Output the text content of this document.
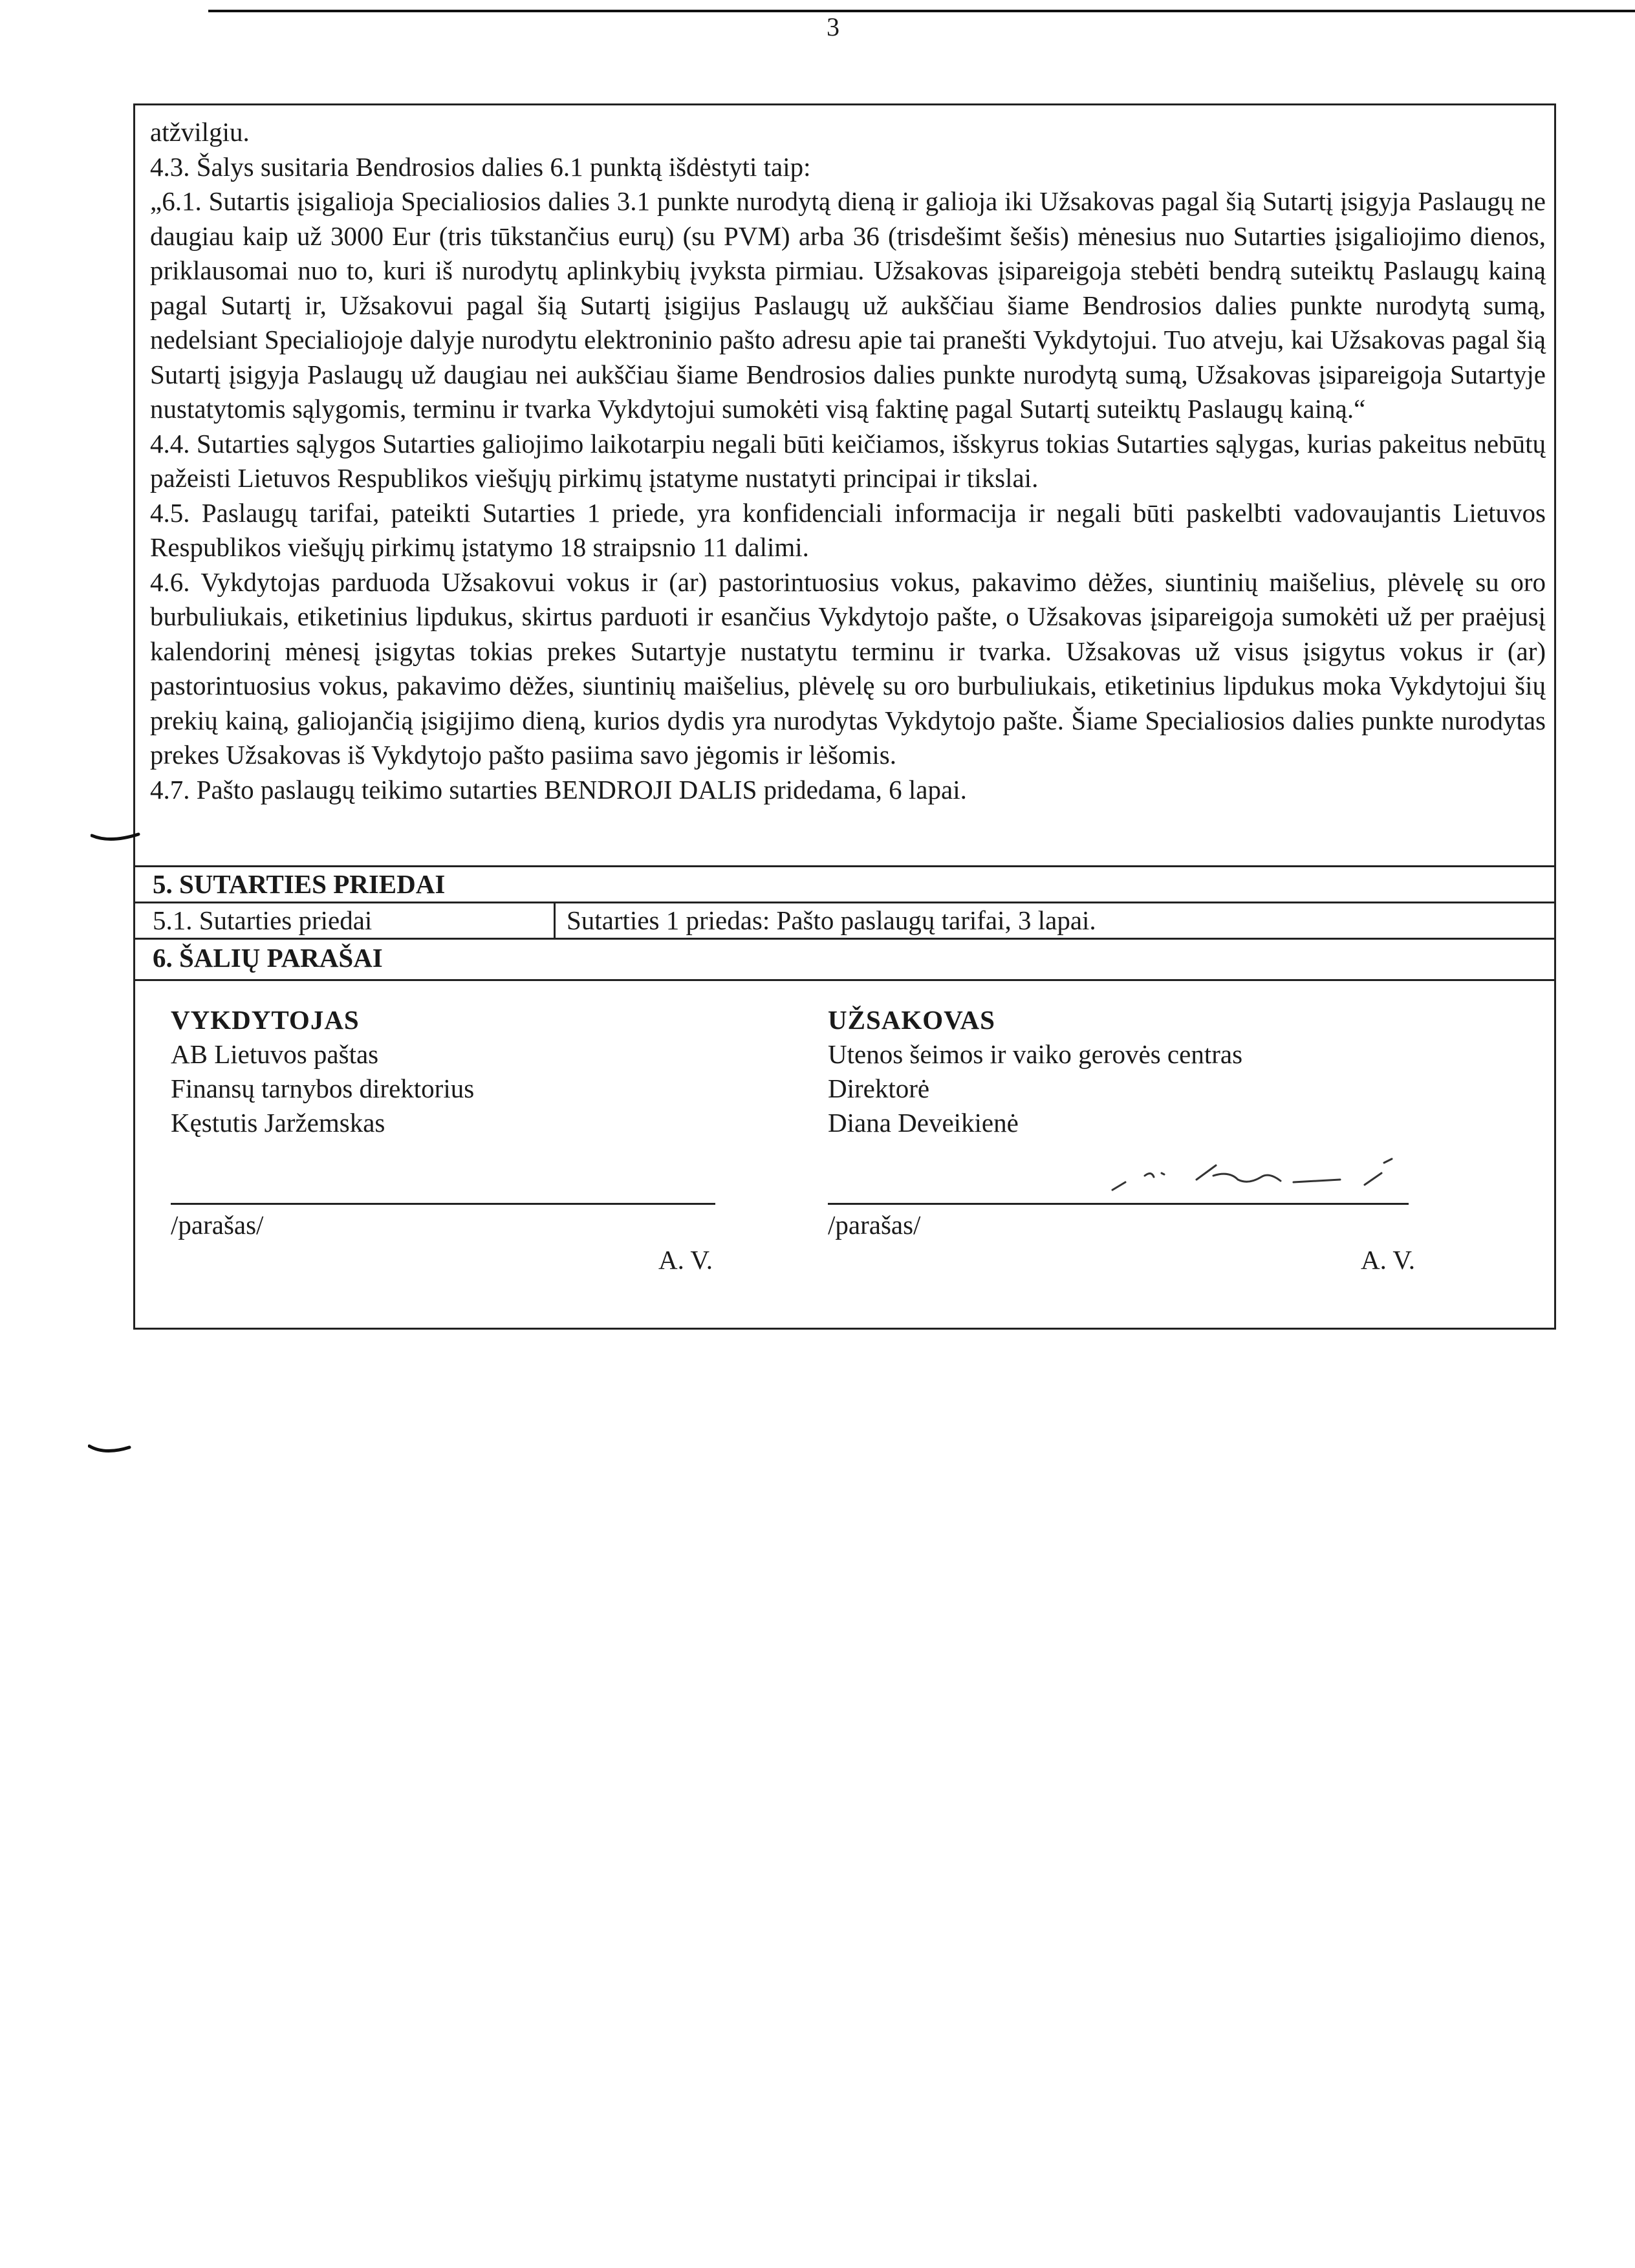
3

atžvilgiu.

4.3. Šalys susitaria Bendrosios dalies 6.1 punktą išdėstyti taip:

„6.1. Sutartis įsigalioja Specialiosios dalies 3.1 punkte nurodytą dieną ir galioja iki Užsakovas pagal šią Sutartį įsigyja Paslaugų ne daugiau kaip už 3000 Eur (tris tūkstančius eurų) (su PVM) arba 36 (trisdešimt šešis) mėnesius nuo Sutarties įsigaliojimo dienos, priklausomai nuo to, kuri iš nurodytų aplinkybių įvyksta pirmiau. Užsakovas įsipareigoja stebėti bendrą suteiktų Paslaugų kainą pagal Sutartį ir, Užsakovui pagal šią Sutartį įsigijus Paslaugų už aukščiau šiame Bendrosios dalies punkte nurodytą sumą, nedelsiant Specialiojoje dalyje nurodytu elektroninio pašto adresu apie tai pranešti Vykdytojui. Tuo atveju, kai Užsakovas pagal šią Sutartį įsigyja Paslaugų už daugiau nei aukščiau šiame Bendrosios dalies punkte nurodytą sumą, Užsakovas įsipareigoja Sutartyje nustatytomis sąlygomis, terminu ir tvarka Vykdytojui sumokėti visą faktinę pagal Sutartį suteiktų Paslaugų kainą.“

4.4. Sutarties sąlygos Sutarties galiojimo laikotarpiu negali būti keičiamos, išskyrus tokias Sutarties sąlygas, kurias pakeitus nebūtų pažeisti Lietuvos Respublikos viešųjų pirkimų įstatyme nustatyti principai ir tikslai.

4.5. Paslaugų tarifai, pateikti Sutarties 1 priede, yra konfidenciali informacija ir negali būti paskelbti vadovaujantis Lietuvos Respublikos viešųjų pirkimų įstatymo 18 straipsnio 11 dalimi.

4.6. Vykdytojas parduoda Užsakovui vokus ir (ar) pastorintuosius vokus, pakavimo dėžes, siuntinių maišelius, plėvelę su oro burbuliukais, etiketinius lipdukus, skirtus parduoti ir esančius Vykdytojo pašte, o Užsakovas įsipareigoja sumokėti už per praėjusį kalendorinį mėnesį įsigytas tokias prekes Sutartyje nustatytu terminu ir tvarka. Užsakovas už visus įsigytus vokus ir (ar) pastorintuosius vokus, pakavimo dėžes, siuntinių maišelius, plėvelę su oro burbuliukais, etiketinius lipdukus moka Vykdytojui šių prekių kainą, galiojančią įsigijimo dieną, kurios dydis yra nurodytas Vykdytojo pašte. Šiame Specialiosios dalies punkte nurodytas prekes Užsakovas iš Vykdytojo pašto pasiima savo jėgomis ir lėšomis.

4.7. Pašto paslaugų teikimo sutarties BENDROJI DALIS pridedama, 6 lapai.

5. SUTARTIES PRIEDAI
5.1. Sutarties priedai	Sutarties 1 priedas: Pašto paslaugų tarifai, 3 lapai.
6. ŠALIŲ PARAŠAI
VYKDYTOJAS
AB Lietuvos paštas
Finansų tarnybos direktorius
Kęstutis Jaržemskas
/parašas/
A. V.
UŽSAKOVAS
Utenos šeimos ir vaiko gerovės centras
Direktorė
Diana Deveikienė
/parašas/
A. V.
